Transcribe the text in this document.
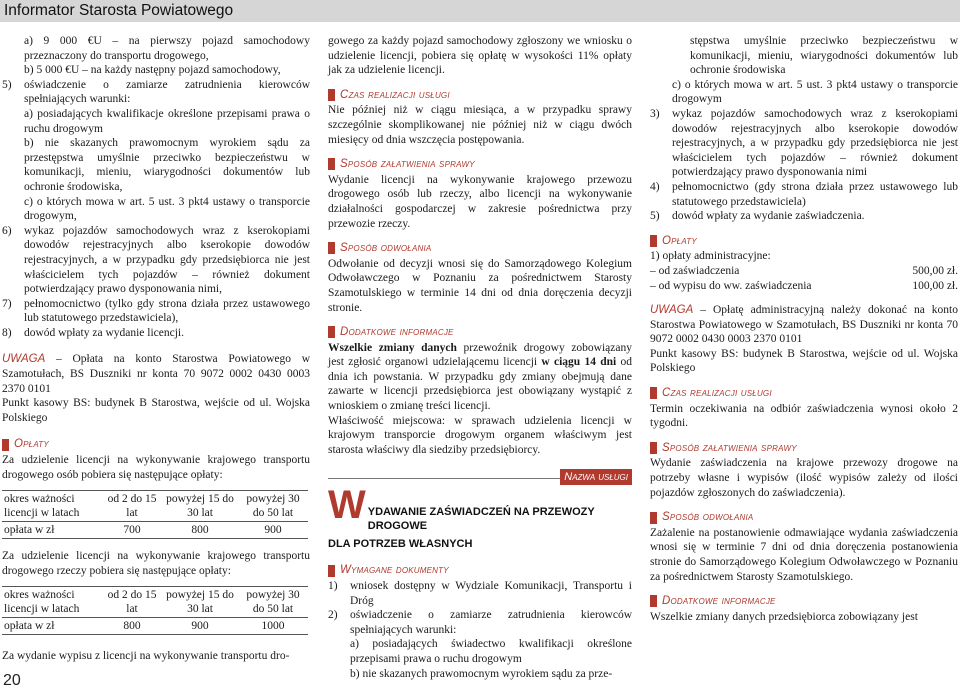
Informator Starosta Powiatowego
a) 9 000 €U – na pierwszy pojazd samochodowy przeznaczony do transportu drogowego,
b) 5 000 €U – na każdy następny pojazd samochodowy,
5)	oświadczenie o zamiarze zatrudnienia kierowców spełniających warunki:
a) posiadających kwalifikacje określone przepisami prawa o ruchu drogowym
b) nie skazanych prawomocnym wyrokiem sądu za przestępstwa umyślnie przeciwko bezpieczeństwu w komunikacji, mieniu, wiarygodności dokumentów lub ochronie środowiska,
c) o których mowa w art. 5 ust. 3 pkt4 ustawy o transporcie drogowym,
6)	wykaz pojazdów samochodowych wraz z kserokopiami dowodów rejestracyjnych albo kserokopie dowodów rejestracyjnych, a w przypadku gdy przedsiębiorca nie jest właścicielem tych pojazdów – również dokument potwierdzający prawo dysponowania nimi,
7)	pełnomocnictwo (tylko gdy strona działa przez ustawowego lub statutowego przedstawiciela),
8)	dowód wpłaty za wydanie licencji.

UWAGA – Opłata na konto Starostwa Powiatowego w Szamotułach, BS Duszniki nr konta 70 9072 0002 0430 0003 2370 0101

Punkt kasowy BS: budynek B Starostwa, wejście od ul. Wojska Polskiego

Opłaty

Za udzielenie licencji na wykonywanie krajowego transportu drogowego osób pobiera się następujące opłaty:

okres ważności licencji w latach	od 2 do 15 lat	powyżej 15 do 30 lat	powyżej 30 do 50 lat
opłata w zł	700	800	900

Za udzielenie licencji na wykonywanie krajowego transportu drogowego rzeczy pobiera się następujące opłaty:

okres ważności licencji w latach	od 2 do 15 lat	powyżej 15 do 30 lat	powyżej 30 do 50 lat
opłata w zł	800	900	1000

Za wydanie wypisu z licencji na wykonywanie transportu dro-

gowego za każdy pojazd samochodowy zgłoszony we wniosku o udzielenie licencji, pobiera się opłatę w wysokości 11% opłaty jak za udzielenie licencji.

Czas realizacji usługi

Nie później niż w ciągu miesiąca, a w przypadku sprawy szczególnie skomplikowanej nie później niż w ciągu dwóch miesięcy od dnia wszczęcia postępowania.

Sposób załatwienia sprawy

Wydanie licencji na wykonywanie krajowego przewozu drogowego osób lub rzeczy, albo licencji na wykonywanie działalności gospodarczej w zakresie pośrednictwa przy przewozie rzeczy.

Sposób odwołania

Odwołanie od decyzji wnosi się do Samorządowego Kolegium Odwoławczego w Poznaniu za pośrednictwem Starosty Szamotulskiego w terminie 14 dni od dnia doręczenia decyzji stronie.

Dodatkowe informacje

Wszelkie zmiany danych przewoźnik drogowy zobowiązany jest zgłosić organowi udzielającemu licencji w ciągu 14 dni od dnia ich powstania. W przypadku gdy zmiany obejmują dane zawarte w licencji przedsiębiorca jest obowiązany wystąpić z wnioskiem o zmianę treści licencji.

Właściwość miejscowa: w sprawach udzielenia licencji w krajowym transporcie drogowym organem właściwym jest starosta właściwy dla siedziby przedsiębiorcy.

Nazwa usługi
W YDAWANIE ZAŚWIADCZEŃ NA PRZEWOZY DROGOWE
DLA POTRZEB WŁASNYCH
Wymagane dokumenty
1)	wniosek dostępny w Wydziale Komunikacji, Transportu i Dróg
2)	oświadczenie o zamiarze zatrudnienia kierowców spełniających warunki:
a) posiadających świadectwo kwalifikacji określone przepisami prawa o ruchu drogowym
b) nie skazanych prawomocnym wyrokiem sądu za prze-
stępstwa umyślnie przeciwko bezpieczeństwu w komunikacji, mieniu, wiarygodności dokumentów lub ochronie środowiska
c) o których mowa w art. 5 ust. 3 pkt4 ustawy o transporcie drogowym
3)	wykaz pojazdów samochodowych wraz z kserokopiami dowodów rejestracyjnych albo kserokopie dowodów rejestracyjnych, a w przypadku gdy przedsiębiorca nie jest właścicielem tych pojazdów – również dokument potwierdzający prawo dysponowania nimi
4)	pełnomocnictwo (gdy strona działa przez ustawowego lub statutowego przedstawiciela)
5)	dowód wpłaty za wydanie zaświadczenia.
Opłaty
1) opłaty administracyjne:
– od zaświadczenia	500,00 zł.
– od wypisu do ww. zaświadczenia	100,00 zł.

UWAGA – Opłatę administracyjną należy dokonać na konto Starostwa Powiatowego w Szamotułach, BS Duszniki nr konta 70 9072 0002 0430 0003 2370 0101

Punkt kasowy BS: budynek B Starostwa, wejście od ul. Wojska Polskiego

Czas realizacji usługi

Termin oczekiwania na odbiór zaświadczenia wynosi około 2 tygodni.

Sposób załatwienia sprawy

Wydanie zaświadczenia na krajowe przewozy drogowe na potrzeby własne i wypisów (ilość wypisów zależy od ilości pojazdów zgłoszonych do zaświadczenia).

Sposób odwołania

Zażalenie na postanowienie odmawiające wydania zaświadczenia wnosi się w terminie 7 dni od dnia doręczenia postanowienia stronie do Samorządowego Kolegium Odwoławczego w Poznaniu za pośrednictwem Starosty Szamotulskiego.

Dodatkowe informacje

Wszelkie zmiany danych przedsiębiorca zobowiązany jest

20
